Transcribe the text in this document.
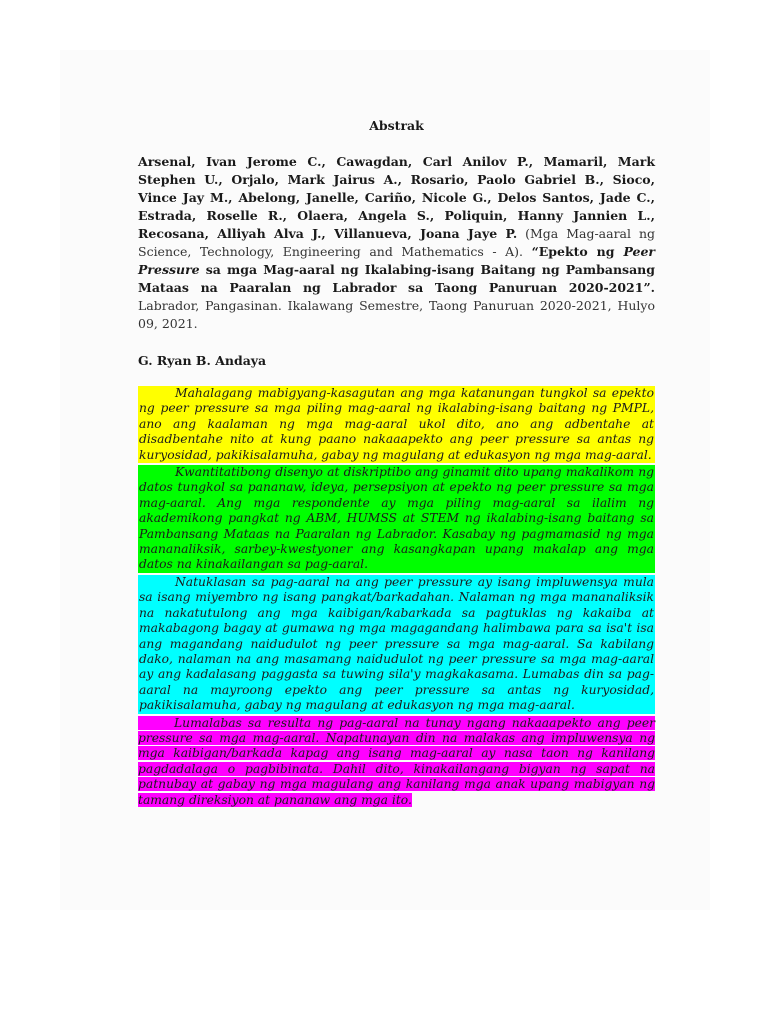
Abstrak

Arsenal, Ivan Jerome C., Cawagdan, Carl Anilov P., Mamaril, Mark Stephen U., Orjalo, Mark Jairus A., Rosario, Paolo Gabriel B., Sioco, Vince Jay M., Abelong, Janelle, Cariño, Nicole G., Delos Santos, Jade C., Estrada, Roselle R., Olaera, Angela S., Poliquin, Hanny Jannien L., Recosana, Alliyah Alva J., Villanueva, Joana Jaye P. (Mga Mag-aaral ng Science, Technology, Engineering and Mathematics - A). “Epekto ng Peer Pressure sa mga Mag-aaral ng Ikalabing-isang Baitang ng Pambansang Mataas na Paaralan ng Labrador sa Taong Panuruan 2020-2021”. Labrador, Pangasinan. Ikalawang Semestre, Taong Panuruan 2020-2021, Hulyo 09, 2021.

G. Ryan B. Andaya

Mahalagang mabigyang-kasagutan ang mga katanungan tungkol sa epekto ng peer pressure sa mga piling mag-aaral ng ikalabing-isang baitang ng PMPL, ano ang kaalaman ng mga mag-aaral ukol dito, ano ang adbentahe at disadbentahe nito at kung paano nakaaapekto ang peer pressure sa antas ng kuryosidad, pakikisalamuha, gabay ng magulang at edukasyon ng mga mag-aaral.

Kwantitatibong disenyo at diskriptibo ang ginamit dito upang makalikom ng datos tungkol sa pananaw, ideya, persepsiyon at epekto ng peer pressure sa mga mag-aaral. Ang mga respondente ay mga piling mag-aaral sa ilalim ng akademikong pangkat ng ABM, HUMSS at STEM ng ikalabing-isang baitang sa Pambansang Mataas na Paaralan ng Labrador. Kasabay ng pagmamasid ng mga mananaliksik, sarbey-kwestyoner ang kasangkapan upang makalap ang mga datos na kinakailangan sa pag-aaral.

Natuklasan sa pag-aaral na ang peer pressure ay isang impluwensya mula sa isang miyembro ng isang pangkat/barkadahan. Nalaman ng mga mananaliksik na nakatutulong ang mga kaibigan/kabarkada sa pagtuklas ng kakaiba at makabagong bagay at gumawa ng mga magagandang halimbawa para sa isa't isa ang magandang naidudulot ng peer pressure sa mga mag-aaral. Sa kabilang dako, nalaman na ang masamang naidudulot ng peer pressure sa mga mag-aaral ay ang kadalasang paggasta sa tuwing sila'y magkakasama. Lumabas din sa pag-aaral na mayroong epekto ang peer pressure sa antas ng kuryosidad, pakikisalamuha, gabay ng magulang at edukasyon ng mga mag-aaral.

Lumalabas sa resulta ng pag-aaral na tunay ngang nakaaapekto ang peer pressure sa mga mag-aaral. Napatunayan din na malakas ang impluwensya ng mga kaibigan/barkada kapag ang isang mag-aaral ay nasa taon ng kanilang pagdadalaga o pagbibinata. Dahil dito, kinakailangang bigyan ng sapat na patnubay at gabay ng mga magulang ang kanilang mga anak upang mabigyan ng tamang direksiyon at pananaw ang mga ito.
